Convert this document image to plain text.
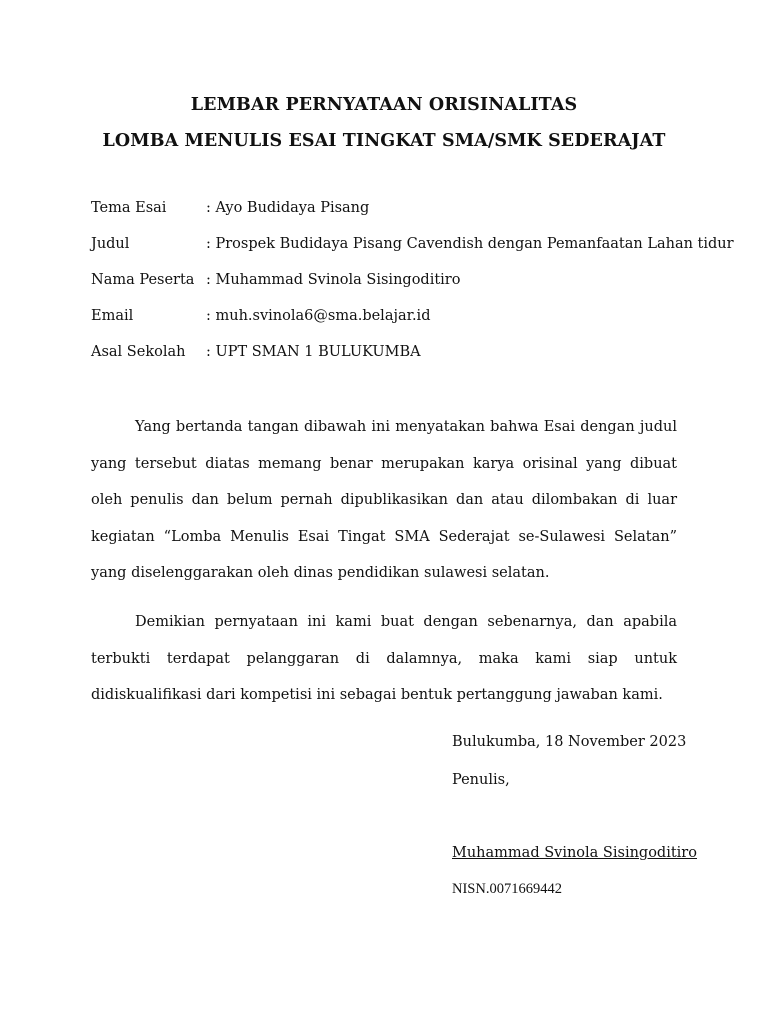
LEMBAR PERNYATAAN ORISINALITAS
LOMBA MENULIS ESAI TINGKAT SMA/SMK SEDERAJAT
Tema Esai	: Ayo Budidaya Pisang
Judul	: Prospek Budidaya Pisang Cavendish dengan Pemanfaatan Lahan tidur
Nama Peserta : Muhammad Svinola Sisingoditiro
Email	: muh.svinola6@sma.belajar.id
Asal Sekolah	: UPT SMAN 1 BULUKUMBA

Yang bertanda tangan dibawah ini menyatakan bahwa Esai dengan judul yang tersebut diatas memang benar merupakan karya orisinal yang dibuat oleh penulis dan belum pernah dipublikasikan dan atau dilombakan di luar kegiatan “Lomba Menulis Esai Tingat SMA Sederajat se-Sulawesi Selatan” yang diselenggarakan oleh dinas pendidikan sulawesi selatan.

Demikian pernyataan ini kami buat dengan sebenarnya, dan apabila terbukti terdapat pelanggaran di dalamnya, maka kami siap untuk didiskualifikasi dari kompetisi ini sebagai bentuk pertanggung jawaban kami.

Bulukumba, 18 November 2023
Penulis,
Muhammad Svinola Sisingoditiro
NISN.0071669442
